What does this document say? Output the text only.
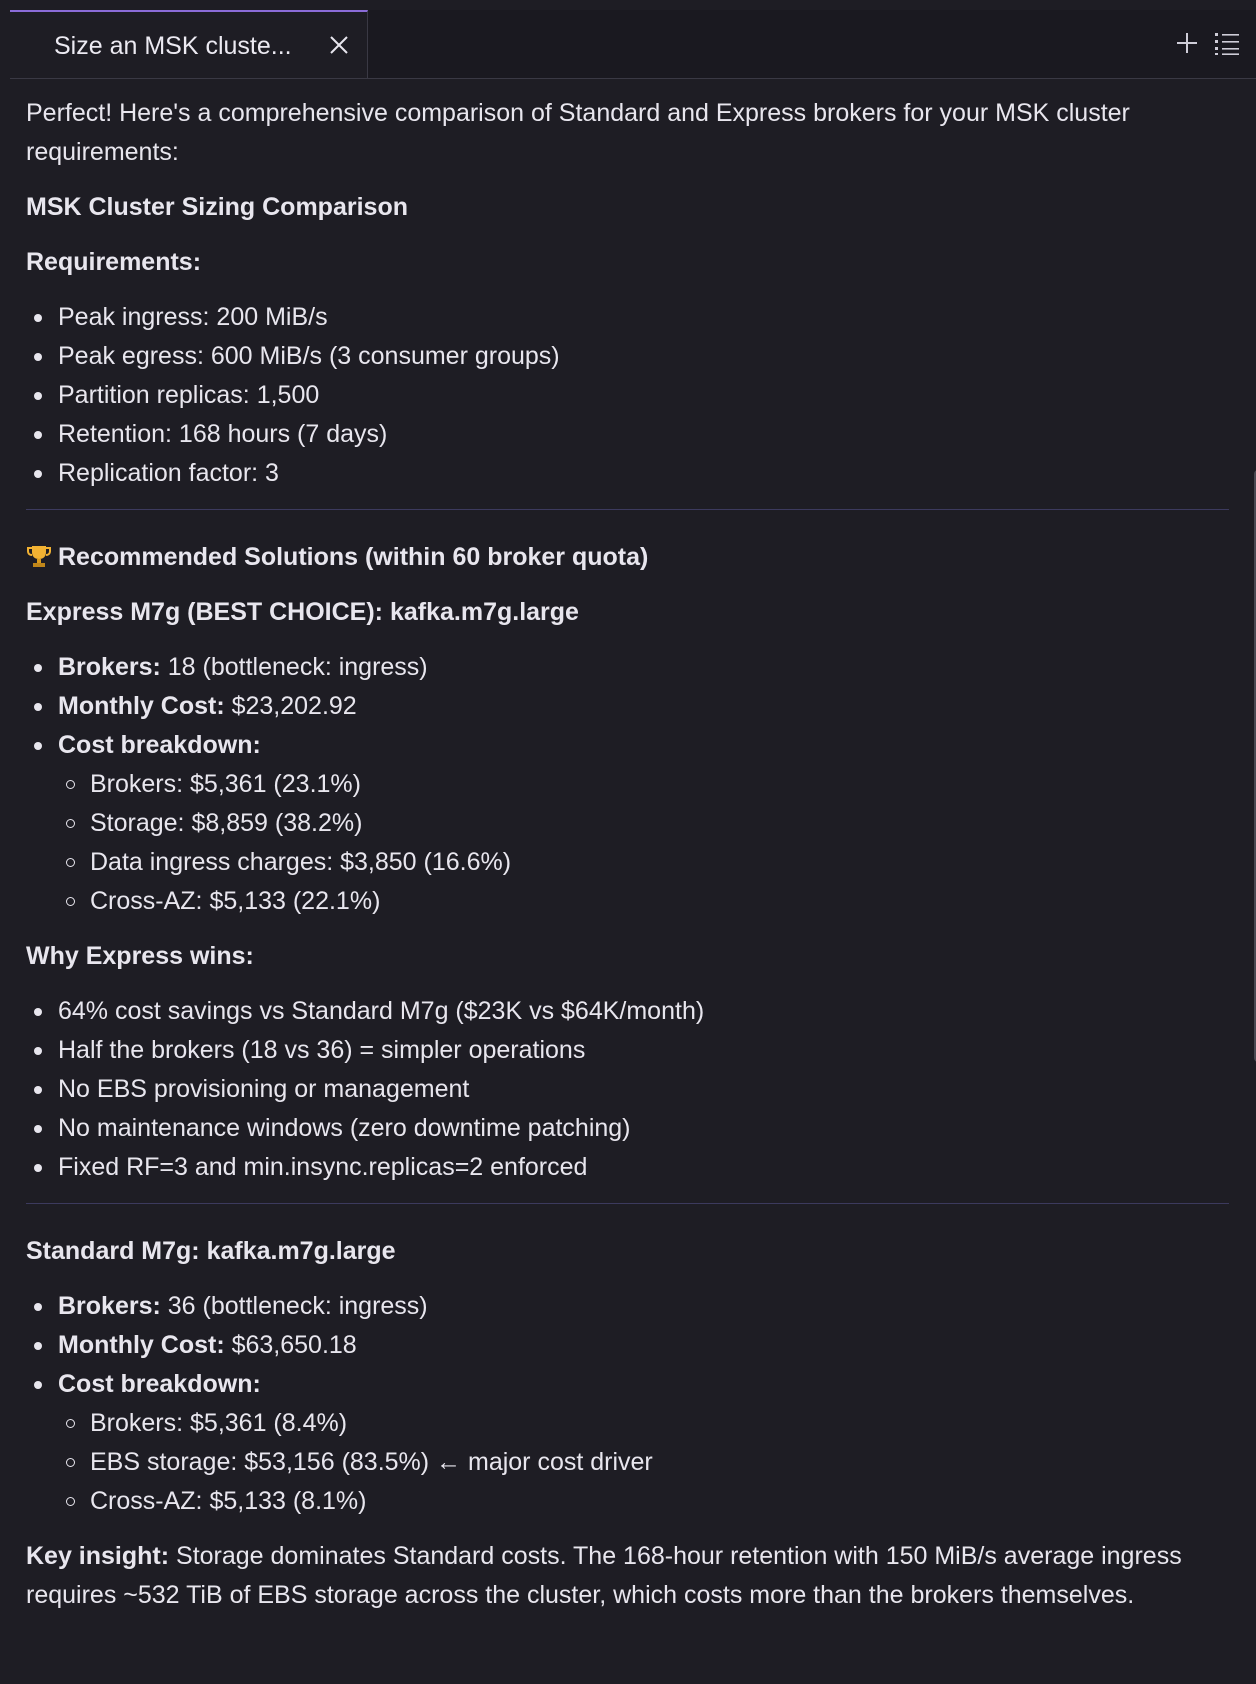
Size an MSK cluste...

Perfect! Here's a comprehensive comparison of Standard and Express brokers for your MSK cluster requirements:

MSK Cluster Sizing Comparison

Requirements:

Peak ingress: 200 MiB/s
Peak egress: 600 MiB/s (3 consumer groups)
Partition replicas: 1,500
Retention: 168 hours (7 days)
Replication factor: 3

Recommended Solutions (within 60 broker quota)

Express M7g (BEST CHOICE): kafka.m7g.large

Brokers: 18 (bottleneck: ingress)
Monthly Cost: $23,202.92
Cost breakdown:
Brokers: $5,361 (23.1%)
Storage: $8,859 (38.2%)
Data ingress charges: $3,850 (16.6%)
Cross-AZ: $5,133 (22.1%)

Why Express wins:

64% cost savings vs Standard M7g ($23K vs $64K/month)
Half the brokers (18 vs 36) = simpler operations
No EBS provisioning or management
No maintenance windows (zero downtime patching)
Fixed RF=3 and min.insync.replicas=2 enforced

Standard M7g: kafka.m7g.large

Brokers: 36 (bottleneck: ingress)
Monthly Cost: $63,650.18
Cost breakdown:
Brokers: $5,361 (8.4%)
EBS storage: $53,156 (83.5%) ← major cost driver
Cross-AZ: $5,133 (8.1%)

Key insight: Storage dominates Standard costs. The 168-hour retention with 150 MiB/s average ingress requires ~532 TiB of EBS storage across the cluster, which costs more than the brokers themselves.
